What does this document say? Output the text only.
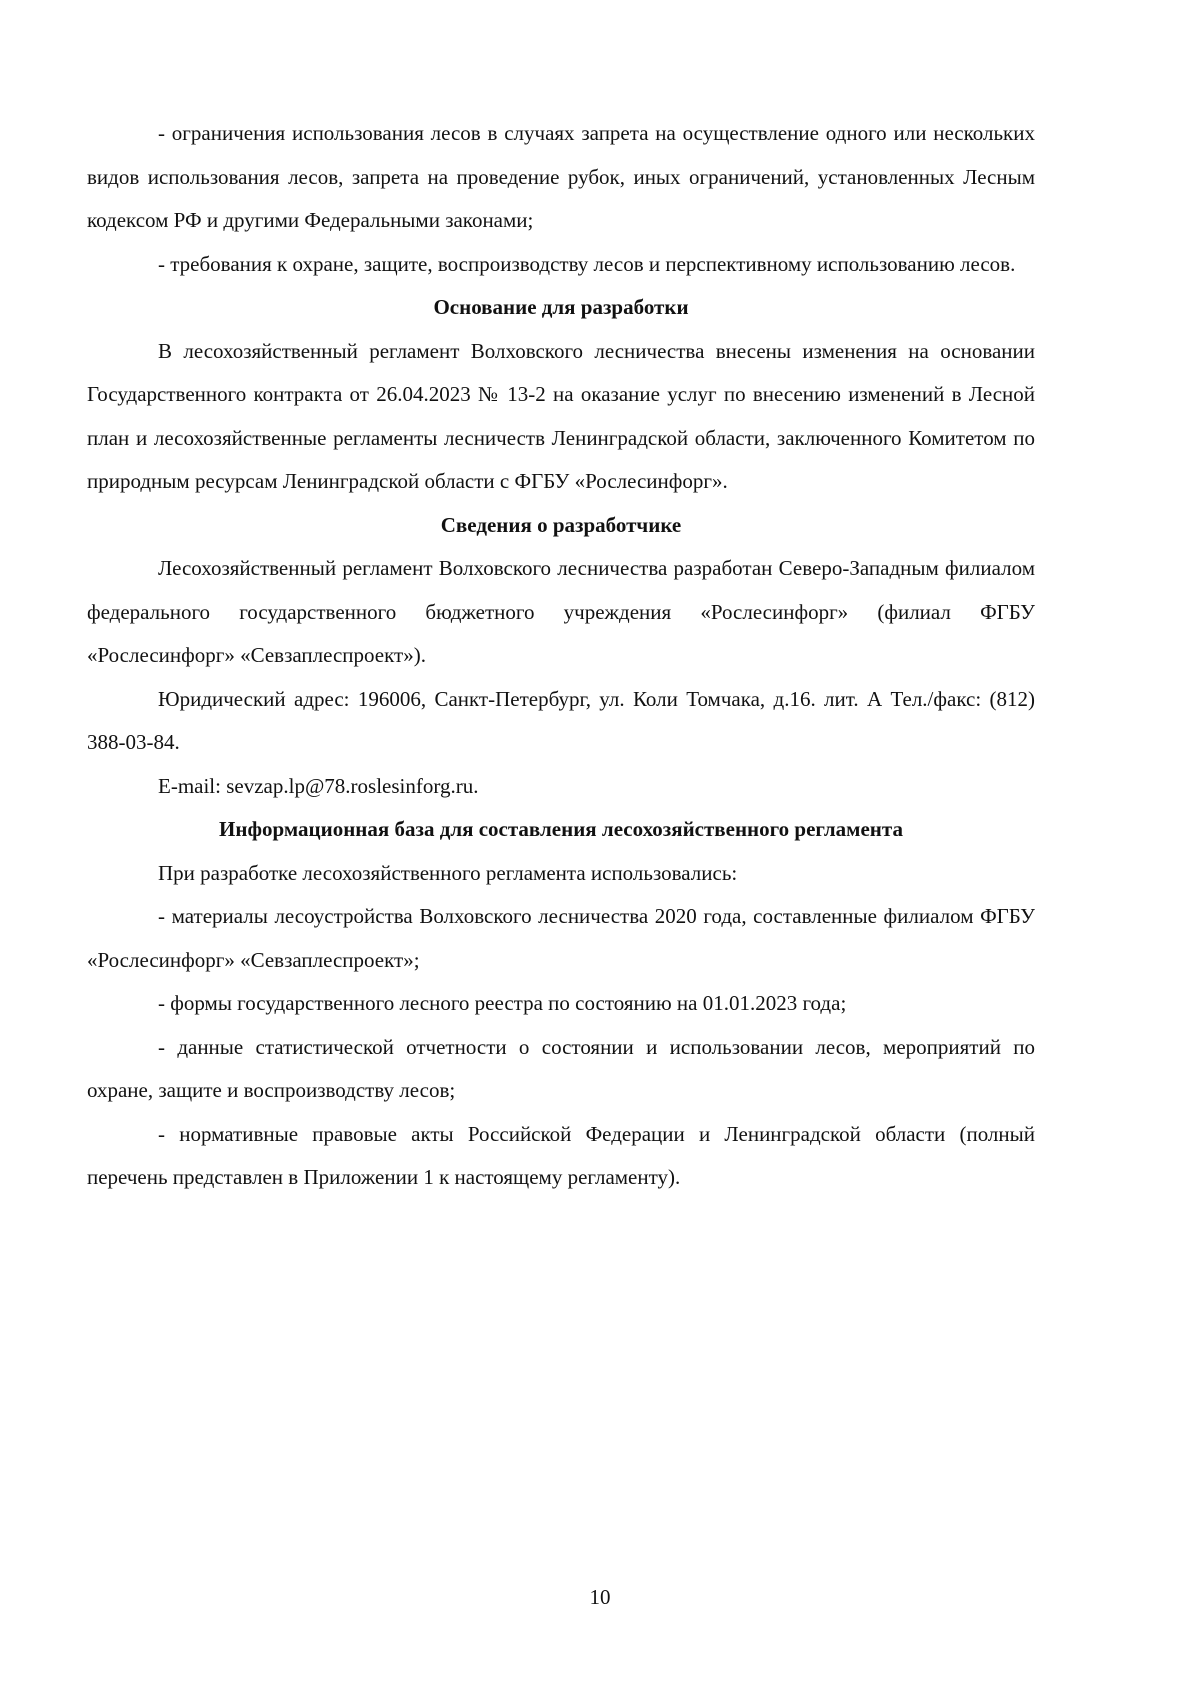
- ограничения использования лесов в случаях запрета на осуществление одного или нескольких видов использования лесов, запрета на проведение рубок, иных ограничений, установленных Лесным кодексом РФ и другими Федеральными законами;

- требования к охране, защите, воспроизводству лесов и перспективному использованию лесов.

Основание для разработки

В лесохозяйственный регламент Волховского лесничества внесены изменения на основании Государственного контракта от 26.04.2023 № 13-2 на оказание услуг по внесению изменений в Лесной план и лесохозяйственные регламенты лесничеств Ленинградской области, заключенного Комитетом по природным ресурсам Ленинградской области с ФГБУ «Рослесинфорг».

Сведения о разработчике

Лесохозяйственный регламент Волховского лесничества разработан Северо-Западным филиалом федерального государственного бюджетного учреждения «Рослесинфорг» (филиал ФГБУ «Рослесинфорг» «Севзаплеспроект»).

Юридический адрес: 196006, Санкт-Петербург, ул. Коли Томчака, д.16. лит. А Тел./факс: (812) 388-03-84.

E-mail: sevzap.lp@78.roslesinforg.ru.

Информационная база для составления лесохозяйственного регламента

При разработке лесохозяйственного регламента использовались:

- материалы лесоустройства Волховского лесничества 2020 года, составленные филиалом ФГБУ «Рослесинфорг» «Севзаплеспроект»;

- формы государственного лесного реестра по состоянию на 01.01.2023 года;

- данные статистической отчетности о состоянии и использовании лесов, мероприятий по охране, защите и воспроизводству лесов;

- нормативные правовые акты Российской Федерации и Ленинградской области (полный перечень представлен в Приложении 1 к настоящему регламенту).

10
